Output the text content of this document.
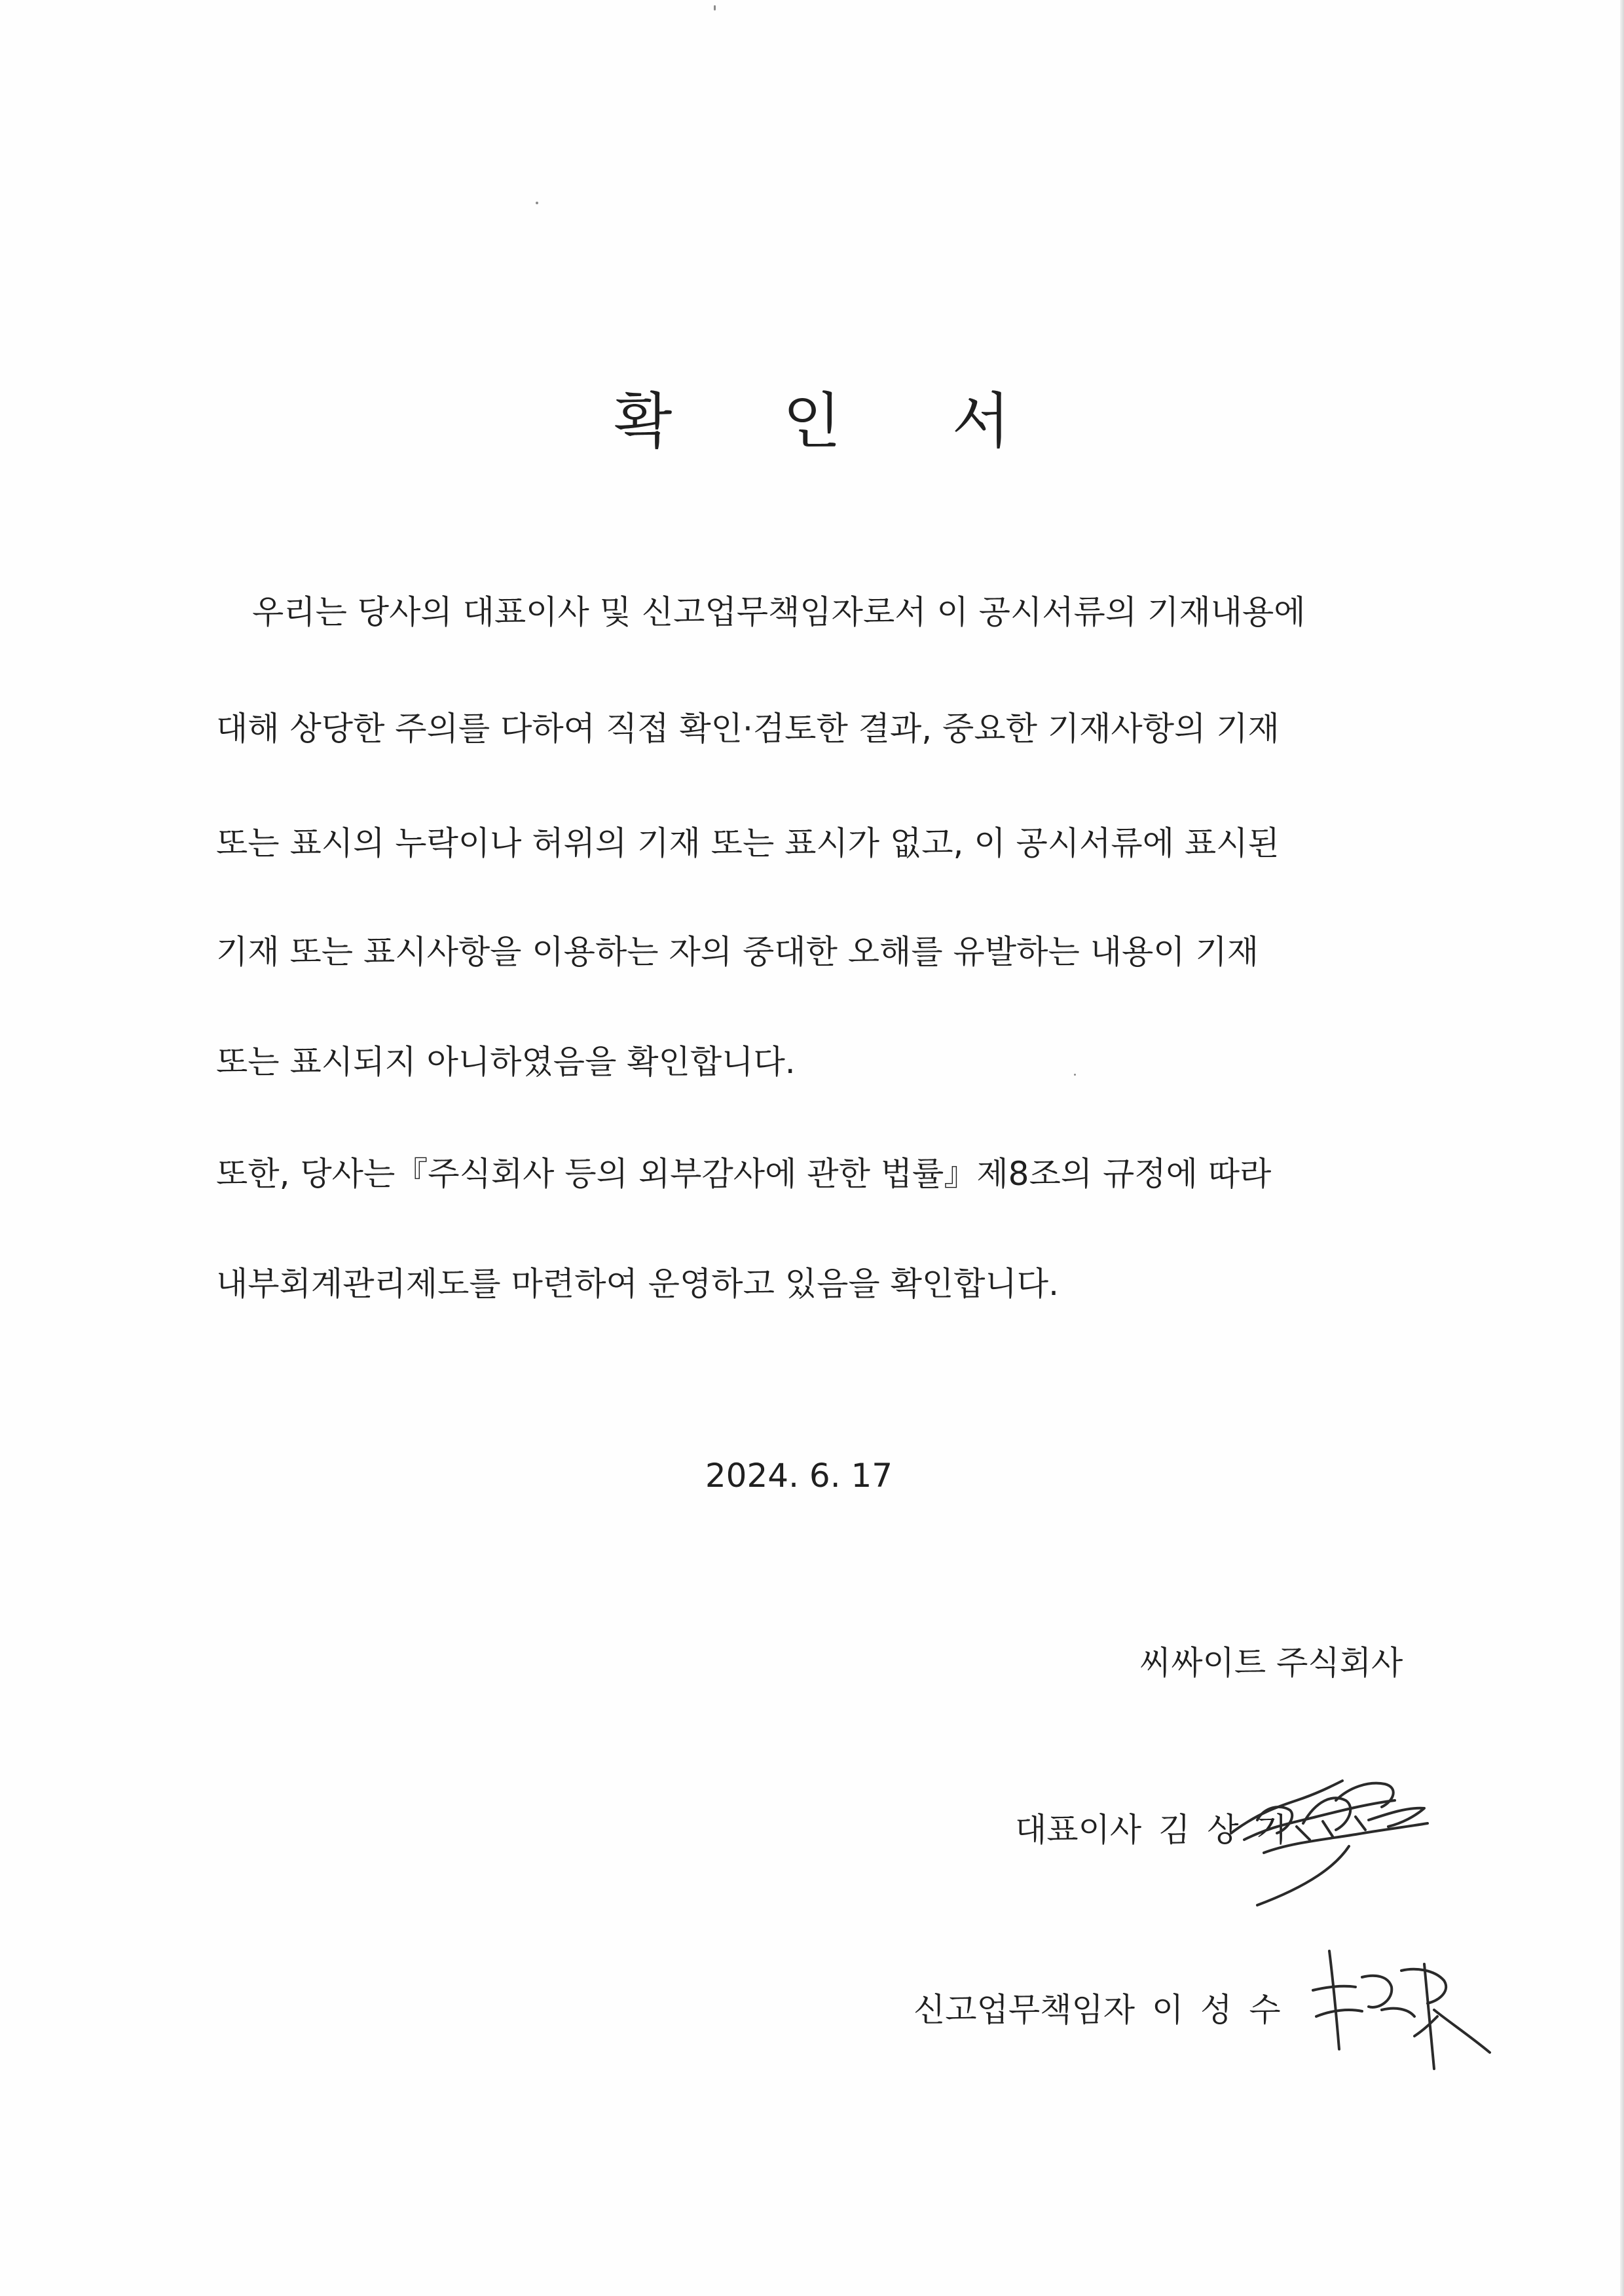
확 인 서
우리는 당사의 대표이사 및 신고업무책임자로서 이 공시서류의 기재내용에
대해 상당한 주의를 다하여 직접 확인·검토한 결과, 중요한 기재사항의 기재
또는 표시의 누락이나 허위의 기재 또는 표시가 없고, 이 공시서류에 표시된
기재 또는 표시사항을 이용하는 자의 중대한 오해를 유발하는 내용이 기재
또는 표시되지 아니하였음을 확인합니다.
또한, 당사는『주식회사 등의 외부감사에 관한 법률』제8조의 규정에 따라
내부회계관리제도를 마련하여 운영하고 있음을 확인합니다.
2024. 6. 17
씨싸이트 주식회사
대표이사 김 상 기
신고업무책임자 이 성 수
